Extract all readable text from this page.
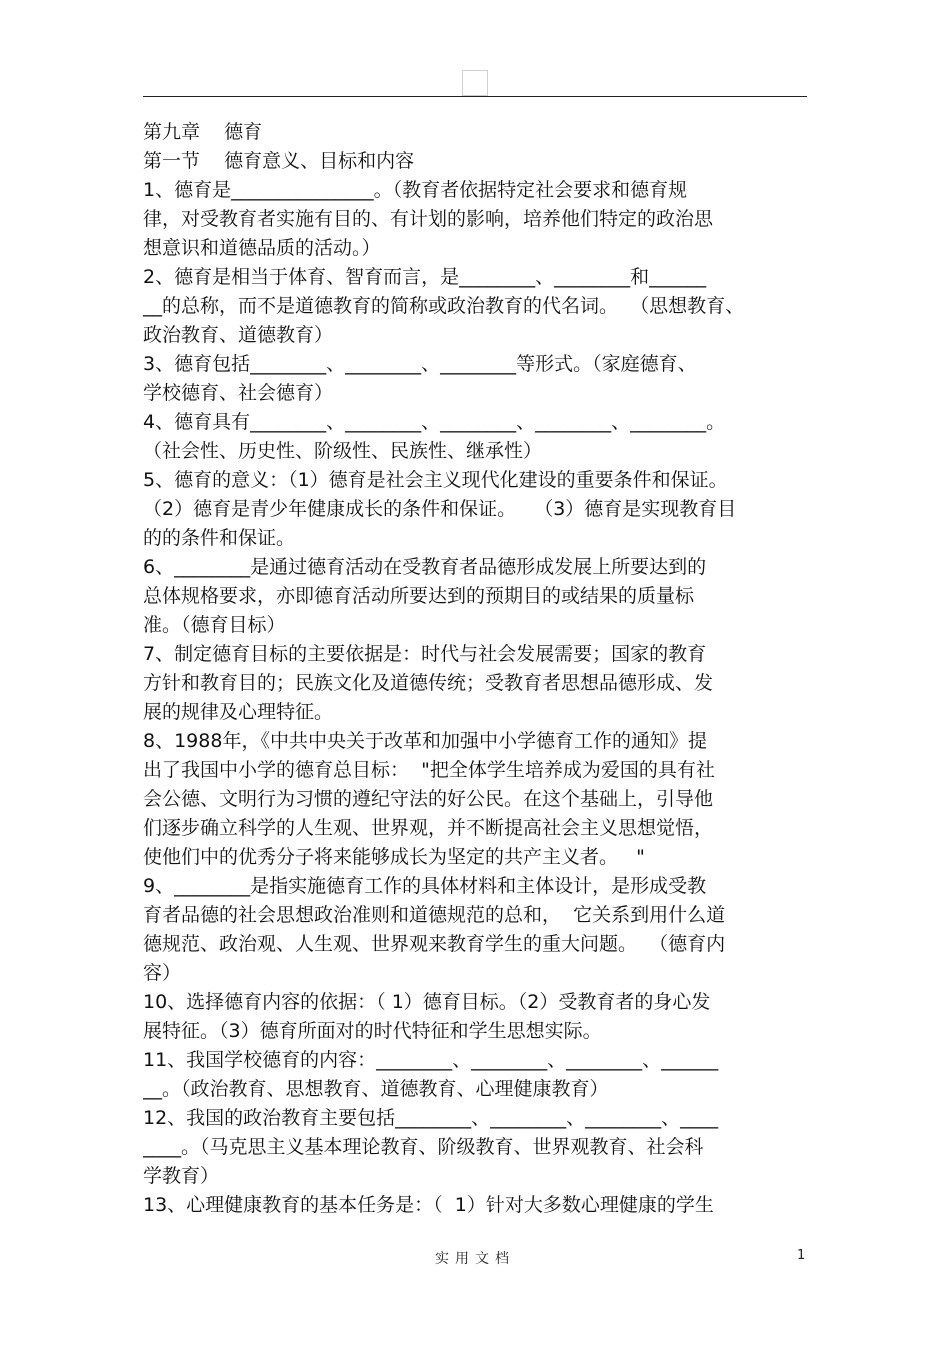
第九章    德育
第一节    德育意义、目标和内容
1、德育是_______________。（教育者依据特定社会要求和德育规
律，对受教育者实施有目的、有计划的影响，培养他们特定的政治思
想意识和道德品质的活动。）
2、德育是相当于体育、智育而言，是________、________和______
__的总称，而不是道德教育的简称或政治教育的代名词。  （思想教育、
政治教育、道德教育）
3、德育包括________、________、________等形式。（家庭德育、
学校德育、社会德育）
4、德育具有________、________、________、________、________。
（社会性、历史性、阶级性、民族性、继承性）
5、德育的意义：（1）德育是社会主义现代化建设的重要条件和保证。
（2）德育是青少年健康成长的条件和保证。   （3）德育是实现教育目
的的条件和保证。
6、________是通过德育活动在受教育者品德形成发展上所要达到的
总体规格要求，亦即德育活动所要达到的预期目的或结果的质量标
准。（德育目标）
7、制定德育目标的主要依据是：时代与社会发展需要；国家的教育
方针和教育目的；民族文化及道德传统；受教育者思想品德形成、发
展的规律及心理特征。
8、1988年，《中共中央关于改革和加强中小学德育工作的通知》提
出了我国中小学的德育总目标：  "把全体学生培养成为爱国的具有社
会公德、文明行为习惯的遵纪守法的好公民。在这个基础上，引导他
们逐步确立科学的人生观、世界观，并不断提高社会主义思想觉悟，
使他们中的优秀分子将来能够成长为坚定的共产主义者。   "
9、________是指实施德育工作的具体材料和主体设计，是形成受教
育者品德的社会思想政治准则和道德规范的总和，  它关系到用什么道
德规范、政治观、人生观、世界观来教育学生的重大问题。  （德育内
容）
10、选择德育内容的依据：（ 1）德育目标。（2）受教育者的身心发
展特征。（3）德育所面对的时代特征和学生思想实际。
11、我国学校德育的内容：________、________、________、______
__。（政治教育、思想教育、道德教育、心理健康教育）
12、我国的政治教育主要包括________、________、________、____
____。（马克思主义基本理论教育、阶级教育、世界观教育、社会科
学教育）
13、心理健康教育的基本任务是：（  1）针对大多数心理健康的学生
实用文档	1
